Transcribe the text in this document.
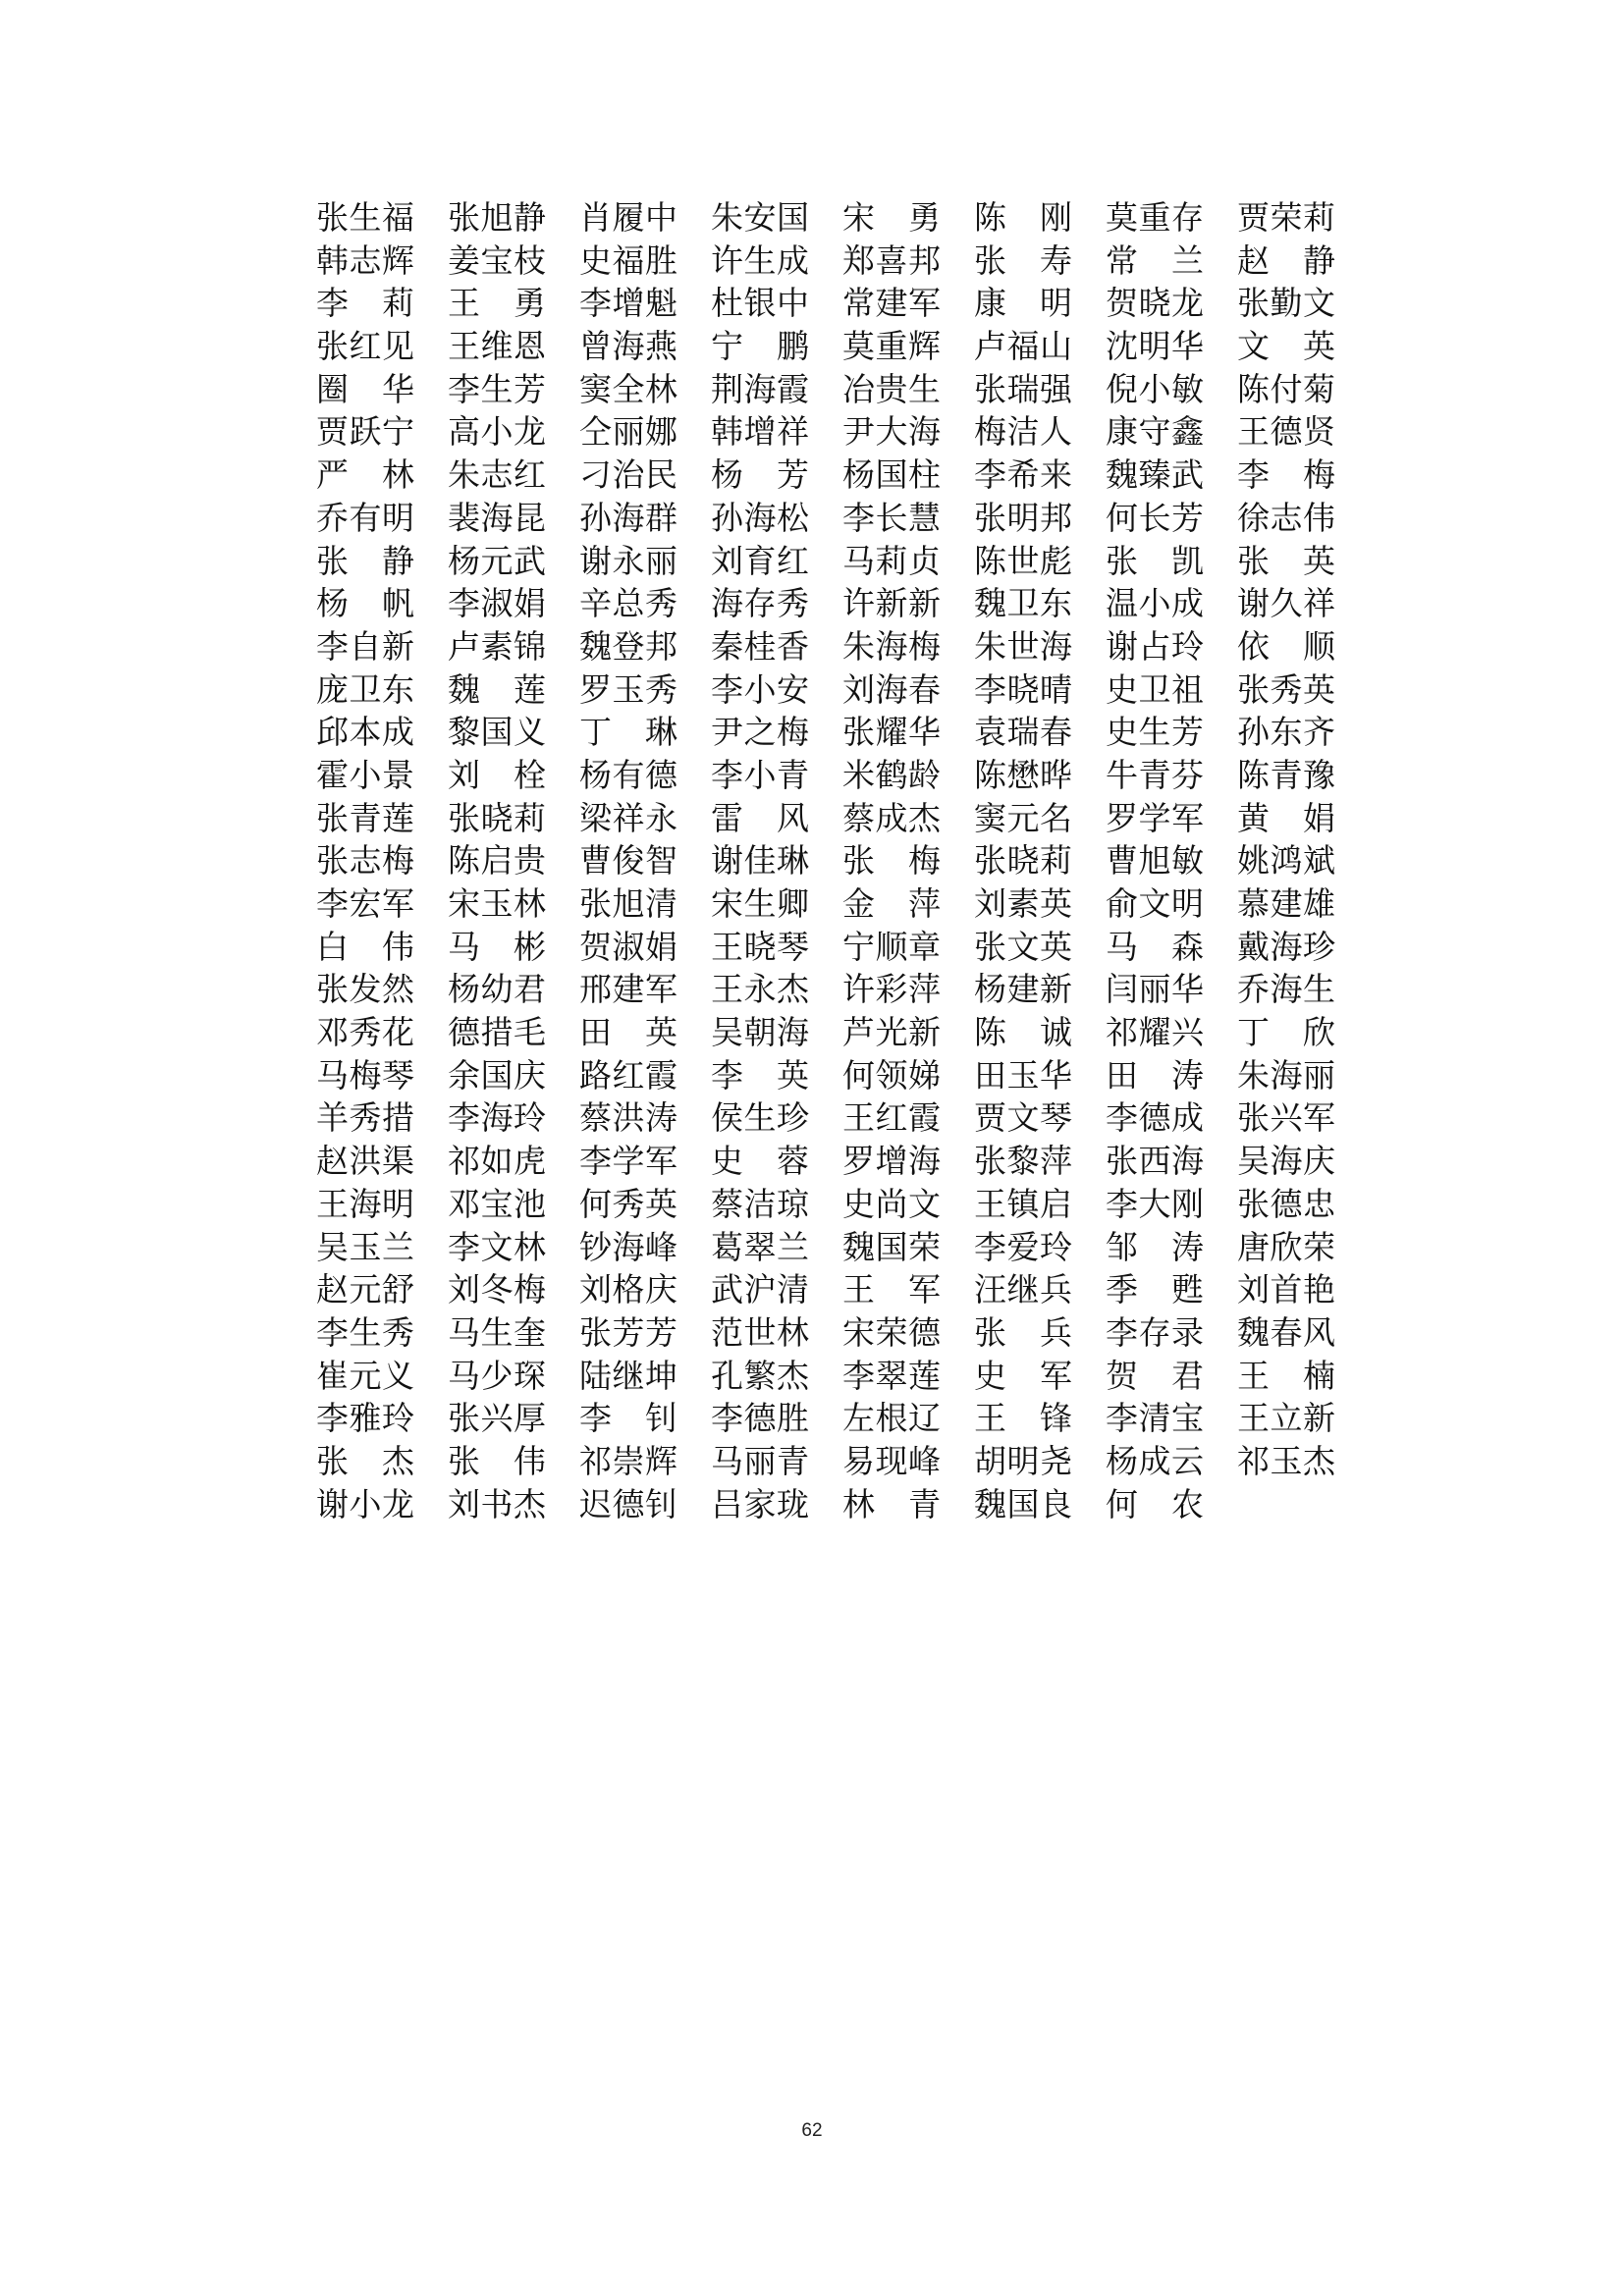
张生福 张旭静 肖履中 朱安国 宋　勇 陈　刚 莫重存 贾荣莉
韩志辉 姜宝枝 史福胜 许生成 郑喜邦 张　寿 常　兰 赵　静
李　莉 王　勇 李增魁 杜银中 常建军 康　明 贺晓龙 张勤文
张红见 王维恩 曾海燕 宁　鹏 莫重辉 卢福山 沈明华 文　英
圈　华 李生芳 窦全林 荆海霞 冶贵生 张瑞强 倪小敏 陈付菊
贾跃宁 高小龙 仝丽娜 韩增祥 尹大海 梅洁人 康守鑫 王德贤
严　林 朱志红 刁治民 杨　芳 杨国柱 李希来 魏臻武 李　梅
乔有明 裴海昆 孙海群 孙海松 李长慧 张明邦 何长芳 徐志伟
张　静 杨元武 谢永丽 刘育红 马莉贞 陈世彪 张　凯 张　英
杨　帆 李淑娟 辛总秀 海存秀 许新新 魏卫东 温小成 谢久祥
李自新 卢素锦 魏登邦 秦桂香 朱海梅 朱世海 谢占玲 依　顺
庞卫东 魏　莲 罗玉秀 李小安 刘海春 李晓晴 史卫祖 张秀英
邱本成 黎国义 丁　琳 尹之梅 张耀华 袁瑞春 史生芳 孙东齐
霍小景 刘　栓 杨有德 李小青 米鹤龄 陈懋晔 牛青芬 陈青豫
张青莲 张晓莉 梁祥永 雷　风 蔡成杰 窦元名 罗学军 黄　娟
张志梅 陈启贵 曹俊智 谢佳琳 张　梅 张晓莉 曹旭敏 姚鸿斌
李宏军 宋玉林 张旭清 宋生卿 金　萍 刘素英 俞文明 慕建雄
白　伟 马　彬 贺淑娟 王晓琴 宁顺章 张文英 马　森 戴海珍
张发然 杨幼君 邢建军 王永杰 许彩萍 杨建新 闫丽华 乔海生
邓秀花 德措毛 田　英 吴朝海 芦光新 陈　诚 祁耀兴 丁　欣
马梅琴 余国庆 路红霞 李　英 何领娣 田玉华 田　涛 朱海丽
羊秀措 李海玲 蔡洪涛 侯生珍 王红霞 贾文琴 李德成 张兴军
赵洪渠 祁如虎 李学军 史　蓉 罗增海 张黎萍 张西海 吴海庆
王海明 邓宝池 何秀英 蔡洁琼 史尚文 王镇启 李大刚 张德忠
吴玉兰 李文林 钞海峰 葛翠兰 魏国荣 李爱玲 邹　涛 唐欣荣
赵元舒 刘冬梅 刘格庆 武沪清 王　军 汪继兵 季　甦 刘首艳
李生秀 马生奎 张芳芳 范世林 宋荣德 张　兵 李存录 魏春风
崔元义 马少琛 陆继坤 孔繁杰 李翠莲 史　军 贺　君 王　楠
李雅玲 张兴厚 李　钊 李德胜 左根辽 王　锋 李清宝 王立新
张　杰 张　伟 祁崇辉 马丽青 易现峰 胡明尧 杨成云 祁玉杰
谢小龙 刘书杰 迟德钊 吕家珑 林　青 魏国良 何　农
62
